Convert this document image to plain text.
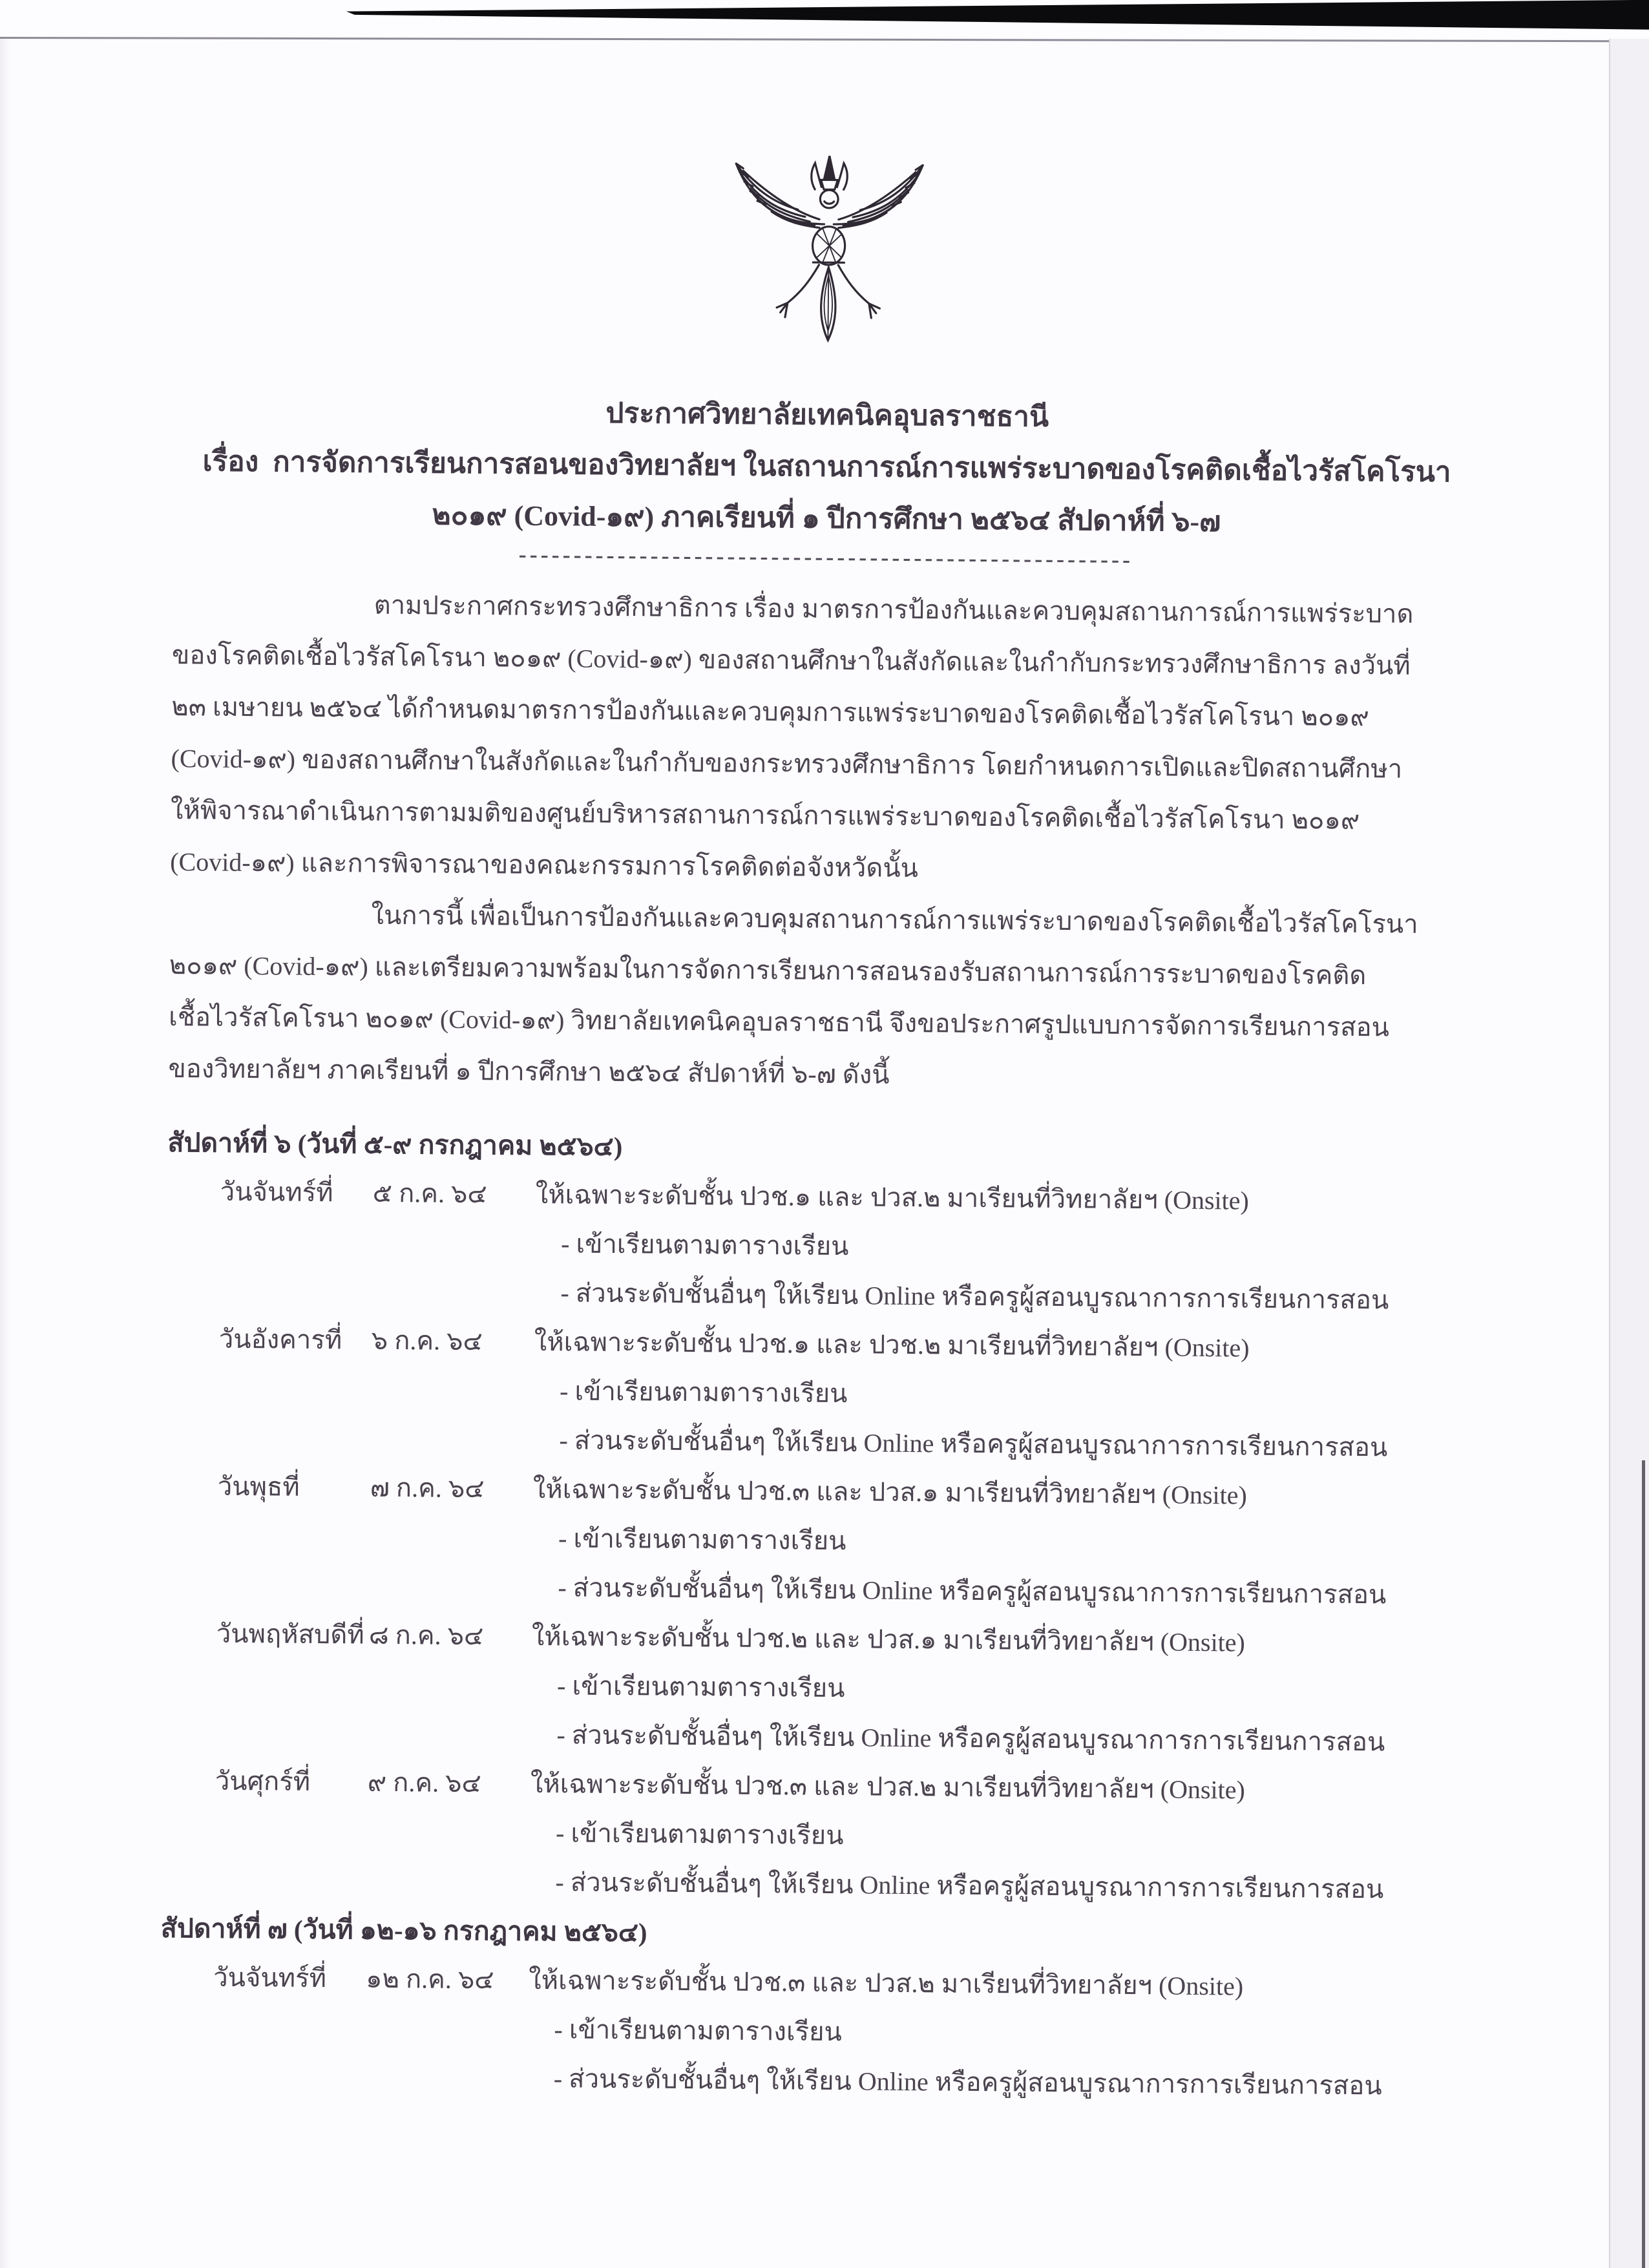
ประกาศวิทยาลัยเทคนิคอุบลราชธานี
เรื่อง  การจัดการเรียนการสอนของวิทยาลัยฯ ในสถานการณ์การแพร่ระบาดของโรคติดเชื้อไวรัสโคโรนา
๒๐๑๙ (Covid-๑๙) ภาคเรียนที่ ๑ ปีการศึกษา ๒๕๖๔ สัปดาห์ที่ ๖-๗
--------------------------------------------------------
ตามประกาศกระทรวงศึกษาธิการ เรื่อง มาตรการป้องกันและควบคุมสถานการณ์การแพร่ระบาด
ของโรคติดเชื้อไวรัสโคโรนา ๒๐๑๙ (Covid-๑๙) ของสถานศึกษาในสังกัดและในกำกับกระทรวงศึกษาธิการ ลงวันที่
๒๓ เมษายน ๒๕๖๔ ได้กำหนดมาตรการป้องกันและควบคุมการแพร่ระบาดของโรคติดเชื้อไวรัสโคโรนา ๒๐๑๙
(Covid-๑๙) ของสถานศึกษาในสังกัดและในกำกับของกระทรวงศึกษาธิการ โดยกำหนดการเปิดและปิดสถานศึกษา
ให้พิจารณาดำเนินการตามมติของศูนย์บริหารสถานการณ์การแพร่ระบาดของโรคติดเชื้อไวรัสโคโรนา ๒๐๑๙
(Covid-๑๙) และการพิจารณาของคณะกรรมการโรคติดต่อจังหวัดนั้น
ในการนี้ เพื่อเป็นการป้องกันและควบคุมสถานการณ์การแพร่ระบาดของโรคติดเชื้อไวรัสโคโรนา
๒๐๑๙ (Covid-๑๙) และเตรียมความพร้อมในการจัดการเรียนการสอนรองรับสถานการณ์การระบาดของโรคติด
เชื้อไวรัสโคโรนา ๒๐๑๙ (Covid-๑๙) วิทยาลัยเทคนิคอุบลราชธานี จึงขอประกาศรูปแบบการจัดการเรียนการสอน
ของวิทยาลัยฯ ภาคเรียนที่ ๑ ปีการศึกษา ๒๕๖๔ สัปดาห์ที่ ๖-๗ ดังนี้
สัปดาห์ที่ ๖ (วันที่ ๕-๙ กรกฎาคม ๒๕๖๔)
วันจันทร์ที่	๕ ก.ค. ๖๔	ให้เฉพาะระดับชั้น ปวช.๑ และ ปวส.๒ มาเรียนที่วิทยาลัยฯ (Onsite)
- เข้าเรียนตามตารางเรียน
- ส่วนระดับชั้นอื่นๆ ให้เรียน Online หรือครูผู้สอนบูรณาการการเรียนการสอน
วันอังคารที่	๖ ก.ค. ๖๔	ให้เฉพาะระดับชั้น ปวช.๑ และ ปวช.๒ มาเรียนที่วิทยาลัยฯ (Onsite)
- เข้าเรียนตามตารางเรียน
- ส่วนระดับชั้นอื่นๆ ให้เรียน Online หรือครูผู้สอนบูรณาการการเรียนการสอน
วันพุธที่	๗ ก.ค. ๖๔	ให้เฉพาะระดับชั้น ปวช.๓ และ ปวส.๑ มาเรียนที่วิทยาลัยฯ (Onsite)
- เข้าเรียนตามตารางเรียน
- ส่วนระดับชั้นอื่นๆ ให้เรียน Online หรือครูผู้สอนบูรณาการการเรียนการสอน
วันพฤหัสบดีที่ ๘ ก.ค. ๖๔	ให้เฉพาะระดับชั้น ปวช.๒ และ ปวส.๑ มาเรียนที่วิทยาลัยฯ (Onsite)
- เข้าเรียนตามตารางเรียน
- ส่วนระดับชั้นอื่นๆ ให้เรียน Online หรือครูผู้สอนบูรณาการการเรียนการสอน
วันศุกร์ที่	๙ ก.ค. ๖๔	ให้เฉพาะระดับชั้น ปวช.๓ และ ปวส.๒ มาเรียนที่วิทยาลัยฯ (Onsite)
- เข้าเรียนตามตารางเรียน
- ส่วนระดับชั้นอื่นๆ ให้เรียน Online หรือครูผู้สอนบูรณาการการเรียนการสอน
สัปดาห์ที่ ๗ (วันที่ ๑๒-๑๖ กรกฎาคม ๒๕๖๔)
วันจันทร์ที่	๑๒ ก.ค. ๖๔	ให้เฉพาะระดับชั้น ปวช.๓ และ ปวส.๒ มาเรียนที่วิทยาลัยฯ (Onsite)
- เข้าเรียนตามตารางเรียน
- ส่วนระดับชั้นอื่นๆ ให้เรียน Online หรือครูผู้สอนบูรณาการการเรียนการสอน
